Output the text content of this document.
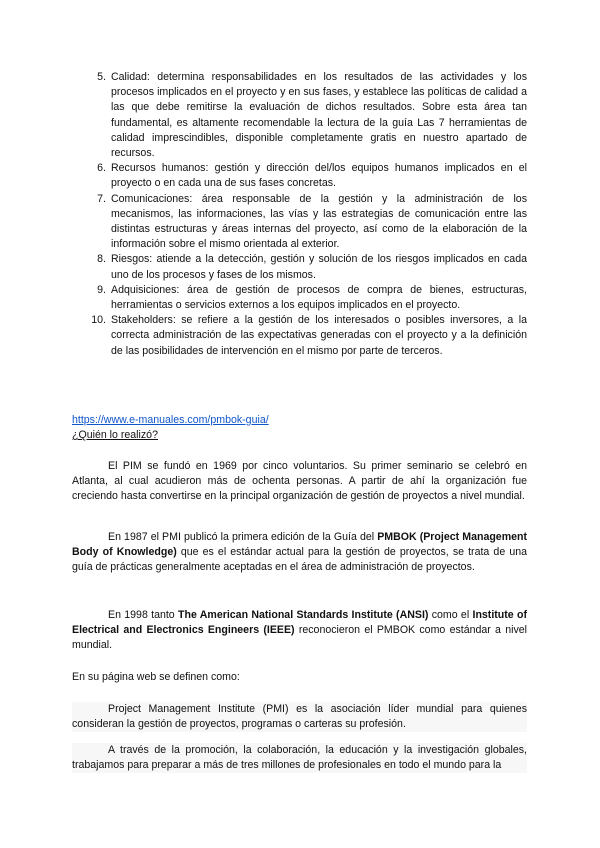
5. Calidad: determina responsabilidades en los resultados de las actividades y los procesos implicados en el proyecto y en sus fases, y establece las políticas de calidad a las que debe remitirse la evaluación de dichos resultados. Sobre esta área tan fundamental, es altamente recomendable la lectura de la guía Las 7 herramientas de calidad imprescindibles, disponible completamente gratis en nuestro apartado de recursos.
6. Recursos humanos: gestión y dirección del/los equipos humanos implicados en el proyecto o en cada una de sus fases concretas.
7. Comunicaciones: área responsable de la gestión y la administración de los mecanismos, las informaciones, las vías y las estrategias de comunicación entre las distintas estructuras y áreas internas del proyecto, así como de la elaboración de la información sobre el mismo orientada al exterior.
8. Riesgos: atiende a la detección, gestión y solución de los riesgos implicados en cada uno de los procesos y fases de los mismos.
9. Adquisiciones: área de gestión de procesos de compra de bienes, estructuras, herramientas o servicios externos a los equipos implicados en el proyecto.
10. Stakeholders: se refiere a la gestión de los interesados o posibles inversores, a la correcta administración de las expectativas generadas con el proyecto y a la definición de las posibilidades de intervención en el mismo por parte de terceros.
https://www.e-manuales.com/pmbok-guia/
¿Quién lo realizó?

El PIM se fundó en 1969 por cinco voluntarios. Su primer seminario se celebró en Atlanta, al cual acudieron más de ochenta personas. A partir de ahí la organización fue creciendo hasta convertirse en la principal organización de gestión de proyectos a nivel mundial.

En 1987 el PMI publicó la primera edición de la Guía del PMBOK (Project Management Body of Knowledge) que es el estándar actual para la gestión de proyectos, se trata de una guía de prácticas generalmente aceptadas en el área de administración de proyectos.

En 1998 tanto The American National Standards Institute (ANSI) como el Institute of Electrical and Electronics Engineers (IEEE) reconocieron el PMBOK como estándar a nivel mundial.

En su página web se definen como:

Project Management Institute (PMI) es la asociación líder mundial para quienes consideran la gestión de proyectos, programas o carteras su profesión.

A través de la promoción, la colaboración, la educación y la investigación globales, trabajamos para preparar a más de tres millones de profesionales en todo el mundo para la
